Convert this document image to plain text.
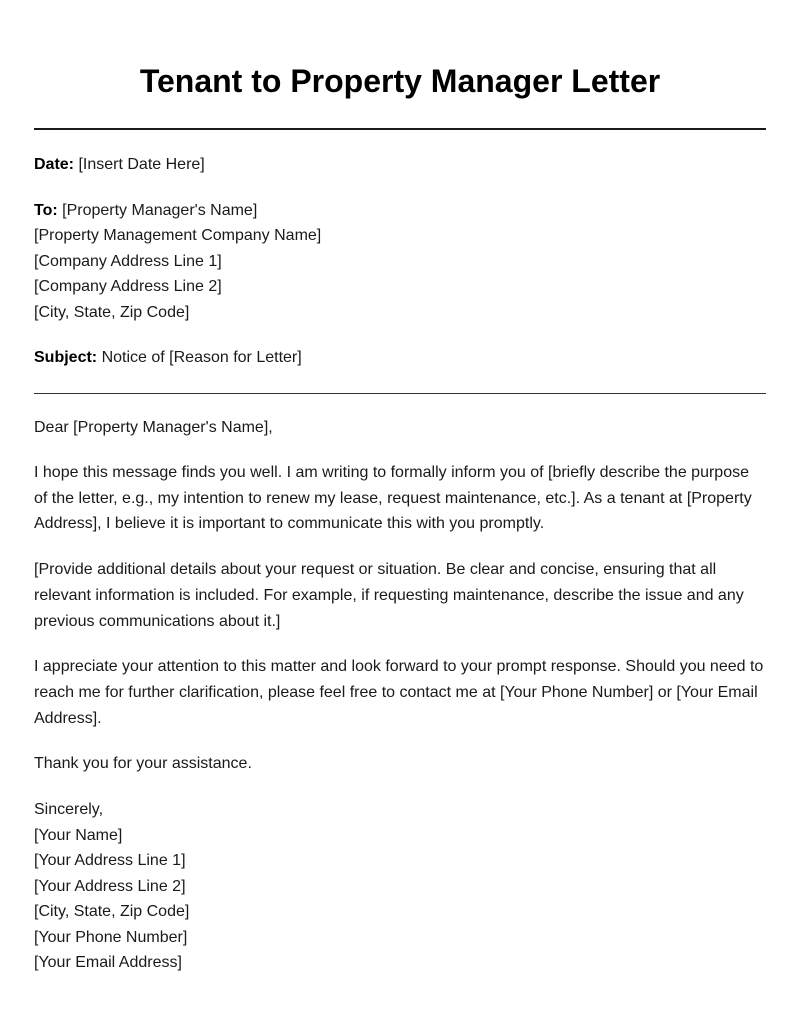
Tenant to Property Manager Letter

Date: [Insert Date Here]

To: [Property Manager's Name]

[Property Management Company Name]

[Company Address Line 1]

[Company Address Line 2]

[City, State, Zip Code]

Subject: Notice of [Reason for Letter]

Dear [Property Manager's Name],

I hope this message finds you well. I am writing to formally inform you of [briefly describe the purpose of the letter, e.g., my intention to renew my lease, request maintenance, etc.]. As a tenant at [Property Address], I believe it is important to communicate this with you promptly.

[Provide additional details about your request or situation. Be clear and concise, ensuring that all relevant information is included. For example, if requesting maintenance, describe the issue and any previous communications about it.]

I appreciate your attention to this matter and look forward to your prompt response. Should you need to reach me for further clarification, please feel free to contact me at [Your Phone Number] or [Your Email Address].

Thank you for your assistance.

Sincerely,

[Your Name]

[Your Address Line 1]

[Your Address Line 2]

[City, State, Zip Code]

[Your Phone Number]

[Your Email Address]
